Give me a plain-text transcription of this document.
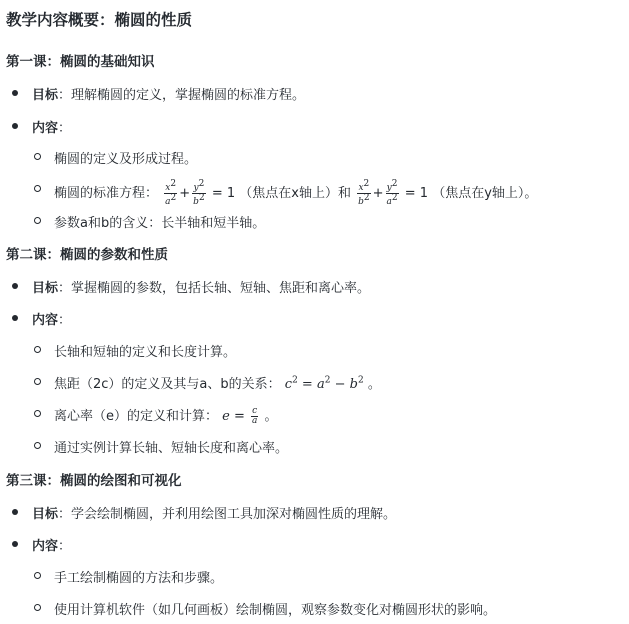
教学内容概要：椭圆的性质
第一课：椭圆的基础知识
目标：理解椭圆的定义，掌握椭圆的标准方程。
内容：
椭圆的定义及形成过程。
椭圆的标准方程： $\frac{x^2}{a^2} + \frac{y^2}{b^2} = 1$ （焦点在x轴上）和 $\frac{x^2}{b^2} + \frac{y^2}{a^2} = 1$ （焦点在y轴上）。
参数a和b的含义：长半轴和短半轴。
第二课：椭圆的参数和性质
目标：掌握椭圆的参数，包括长轴、短轴、焦距和离心率。
内容：
长轴和短轴的定义和长度计算。
焦距（2c）的定义及其与a、b的关系： $c^2 = a^2 - b^2$ 。
离心率（e）的定义和计算： $e = \frac{c}{a}$ 。
通过实例计算长轴、短轴长度和离心率。
第三课：椭圆的绘图和可视化
目标：学会绘制椭圆，并利用绘图工具加深对椭圆性质的理解。
内容：
手工绘制椭圆的方法和步骤。
使用计算机软件（如几何画板）绘制椭圆，观察参数变化对椭圆形状的影响。
